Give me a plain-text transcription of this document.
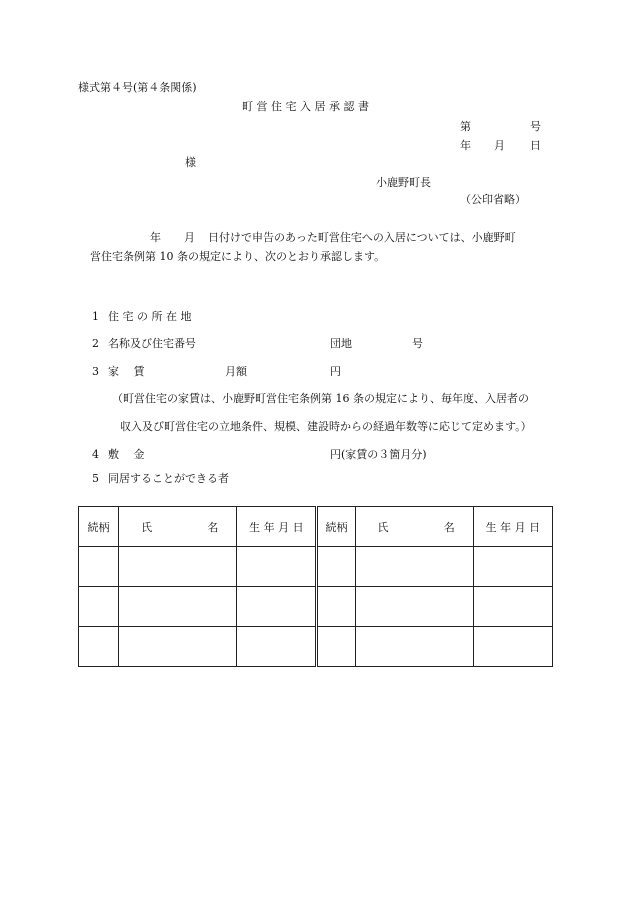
様式第４号(第４条関係)
町 営 住 宅 入 居 承 認 書
第	号
年 月 日
様
小鹿野町長
（公印省略）
年 月 日付けで申告のあった町営住宅への入居については、小鹿野町
営住宅条例第 10 条の規定により、次のとおり承認します。
1 住 宅 の 所 在 地
2 名称及び住宅番号	団地	号
3 家　 賃	月額	円
（町営住宅の家賃は、小鹿野町営住宅条例第 16 条の規定により、毎年度、入居者の
収入及び町営住宅の立地条件、規模、建設時からの経過年数等に応じて定めます。）
4 敷　 金	円(家賃の３箇月分)
5 同居することができる者
続柄	氏 名	生 年 月 日	続柄	氏 名	生 年 月 日
